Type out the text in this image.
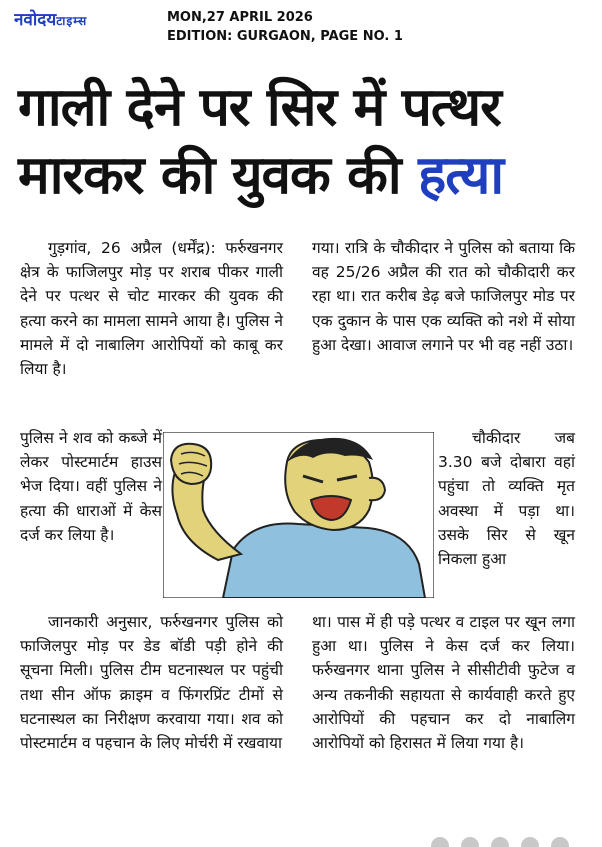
नवोदयटाइम्स	MON,27 APRIL 2026
EDITION: GURGAON, PAGE NO. 1
गाली देने पर सिर में पत्थर
मारकर की युवक की हत्या

गुड़गांव, 26 अप्रैल (धर्मेंद्र): फर्रुखनगर क्षेत्र के फाजिलपुर मोड़ पर शराब पीकर गाली देने पर पत्थर से चोट मारकर की युवक की हत्या करने का मामला सामने आया है। पुलिस ने मामले में दो नाबालिग आरोपियों को काबू कर लिया है।

पुलिस ने शव को कब्जे में लेकर पोस्टमार्टम हाउस भेज दिया। वहीं पुलिस ने हत्या की धाराओं में केस दर्ज कर लिया है।

जानकारी अनुसार, फर्रुखनगर पुलिस को फाजिलपुर मोड़ पर डेड बॉडी पड़ी होने की सूचना मिली। पुलिस टीम घटनास्थल पर पहुंची तथा सीन ऑफ क्राइम व फिंगरप्रिंट टीमों से घटनास्थल का निरीक्षण करवाया गया। शव को पोस्टमार्टम व पहचान के लिए मोर्चरी में रखवाया

गया। रात्रि के चौकीदार ने पुलिस को बताया कि वह 25/26 अप्रैल की रात को चौकीदारी कर रहा था। रात करीब डेढ़ बजे फाजिलपुर मोड पर एक दुकान के पास एक व्यक्ति को नशे में सोया हुआ देखा। आवाज लगाने पर भी वह नहीं उठा।

चौकीदार जब 3.30 बजे दोबारा वहां पहुंचा तो व्यक्ति मृत अवस्था में पड़ा था। उसके सिर से खून निकला हुआ

था। पास में ही पड़े पत्थर व टाइल पर खून लगा हुआ था। पुलिस ने केस दर्ज कर लिया। फर्रुखनगर थाना पुलिस ने सीसीटीवी फुटेज व अन्य तकनीकी सहायता से कार्यवाही करते हुए आरोपियों की पहचान कर दो नाबालिग आरोपियों को हिरासत में लिया गया है।
